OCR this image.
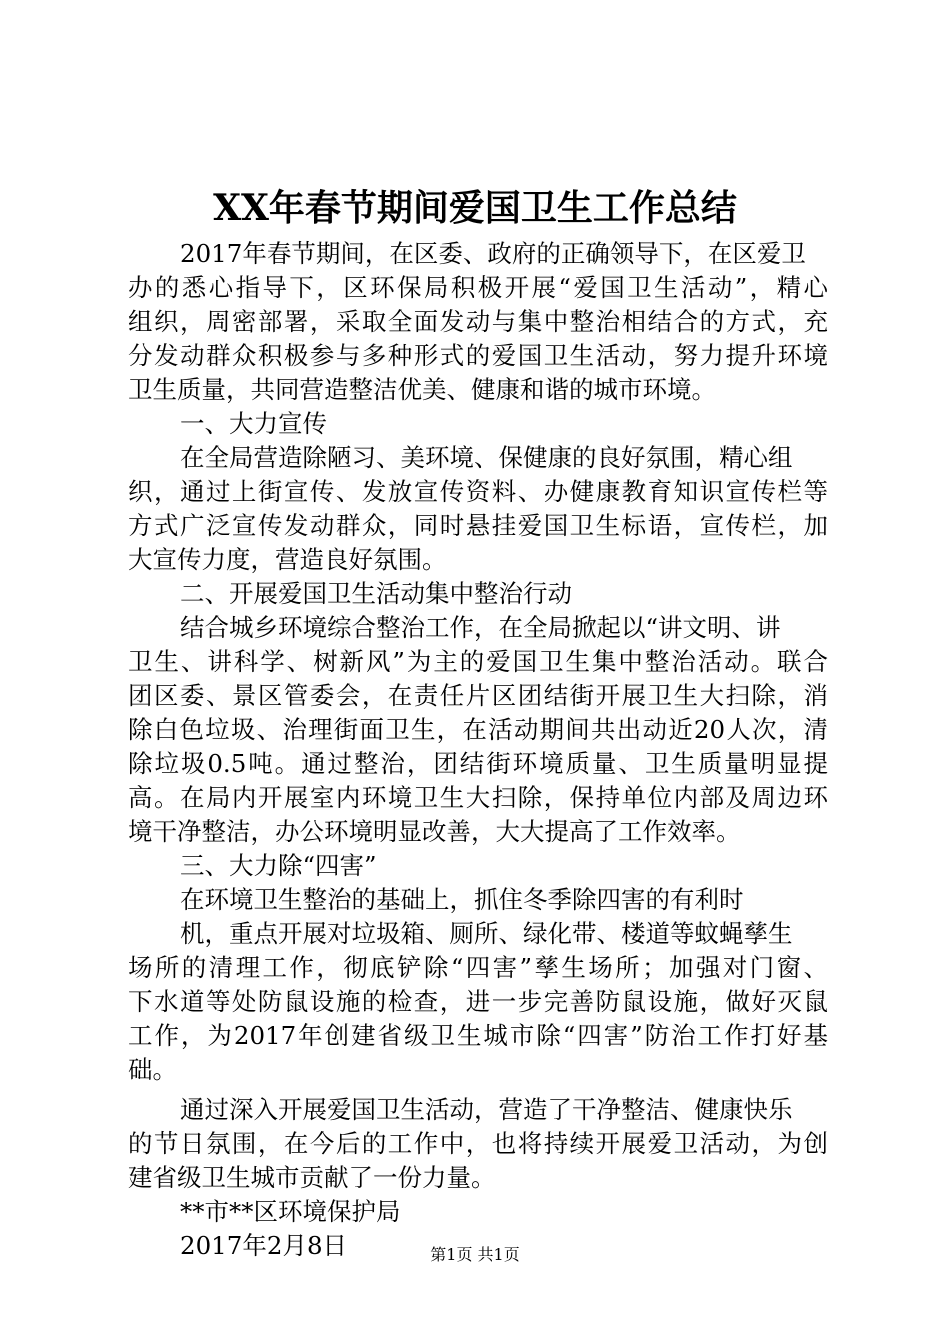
XX年春节期间爱国卫生工作总结
2017年春节期间，在区委、政府的正确领导下，在区爱卫
办的悉心指导下，区环保局积极开展“爱国卫生活动”，精心
组织，周密部署，采取全面发动与集中整治相结合的方式，充
分发动群众积极参与多种形式的爱国卫生活动，努力提升环境
卫生质量，共同营造整洁优美、健康和谐的城市环境。
一、大力宣传
在全局营造除陋习、美环境、保健康的良好氛围，精心组
织，通过上街宣传、发放宣传资料、办健康教育知识宣传栏等
方式广泛宣传发动群众，同时悬挂爱国卫生标语，宣传栏，加
大宣传力度，营造良好氛围。
二、开展爱国卫生活动集中整治行动
结合城乡环境综合整治工作，在全局掀起以“讲文明、讲
卫生、讲科学、树新风”为主的爱国卫生集中整治活动。联合
团区委、景区管委会，在责任片区团结街开展卫生大扫除，消
除白色垃圾、治理街面卫生，在活动期间共出动近20人次，清
除垃圾0.5吨。通过整治，团结街环境质量、卫生质量明显提
高。在局内开展室内环境卫生大扫除，保持单位内部及周边环
境干净整洁，办公环境明显改善，大大提高了工作效率。
三、大力除“四害”
在环境卫生整治的基础上，抓住冬季除四害的有利时
机，重点开展对垃圾箱、厕所、绿化带、楼道等蚊蝇孳生
场所的清理工作，彻底铲除“四害”孳生场所；加强对门窗、
下水道等处防鼠设施的检查，进一步完善防鼠设施，做好灭鼠
工作，为2017年创建省级卫生城市除“四害”防治工作打好基
础。
通过深入开展爱国卫生活动，营造了干净整洁、健康快乐
的节日氛围，在今后的工作中，也将持续开展爱卫活动，为创
建省级卫生城市贡献了一份力量。
**市**区环境保护局
2017年2月8日	第1页 共1页
